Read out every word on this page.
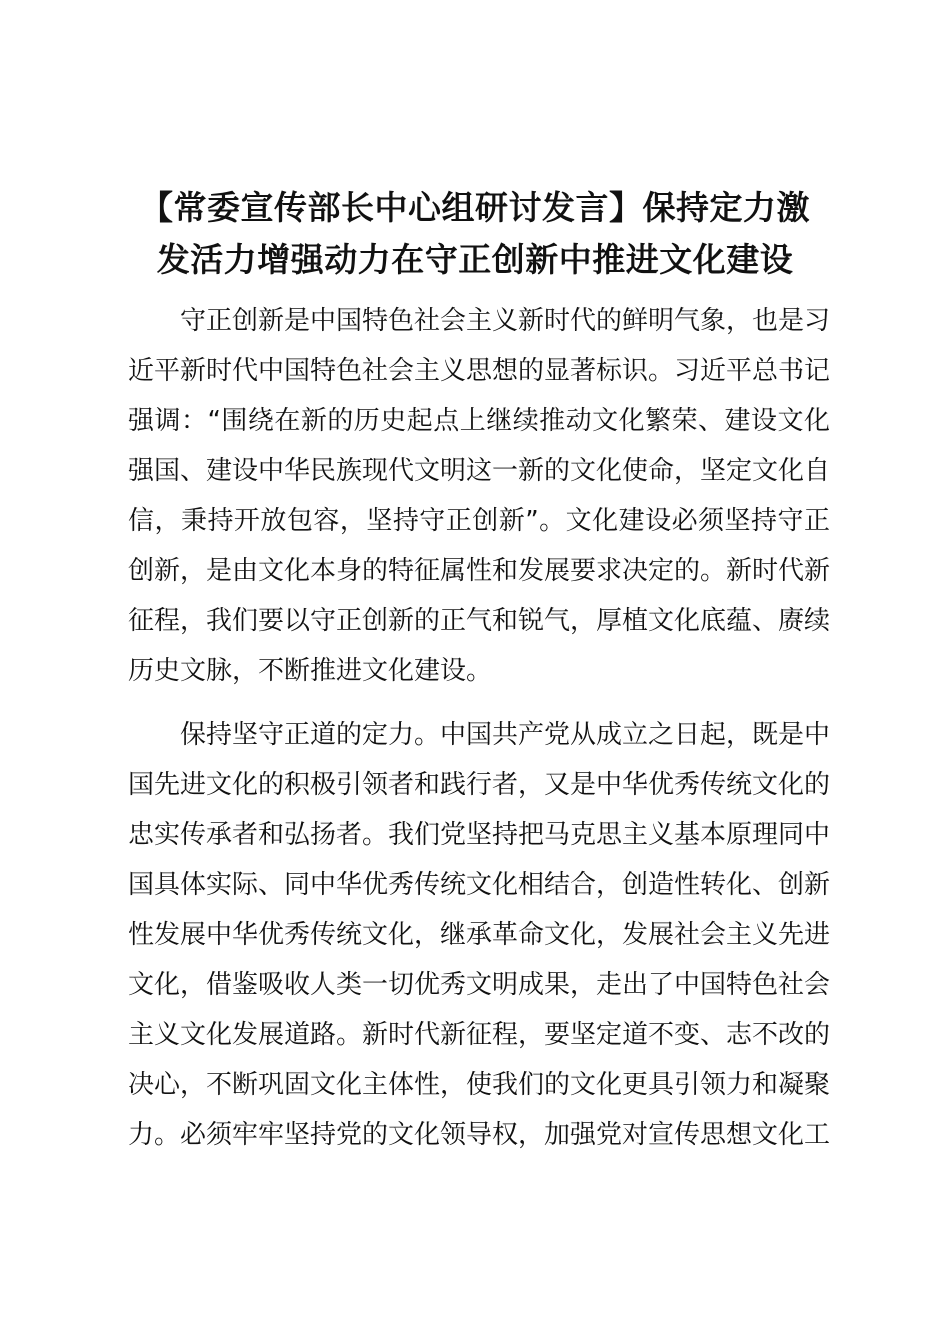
【常委宣传部长中心组研讨发言】保持定力激
发活力增强动力在守正创新中推进文化建设
守正创新是中国特色社会主义新时代的鲜明气象，也是习
近平新时代中国特色社会主义思想的显著标识。习近平总书记
强调：“围绕在新的历史起点上继续推动文化繁荣、建设文化
强国、建设中华民族现代文明这一新的文化使命，坚定文化自
信，秉持开放包容，坚持守正创新”。文化建设必须坚持守正
创新，是由文化本身的特征属性和发展要求决定的。新时代新
征程，我们要以守正创新的正气和锐气，厚植文化底蕴、赓续
历史文脉，不断推进文化建设。
保持坚守正道的定力。中国共产党从成立之日起，既是中
国先进文化的积极引领者和践行者，又是中华优秀传统文化的
忠实传承者和弘扬者。我们党坚持把马克思主义基本原理同中
国具体实际、同中华优秀传统文化相结合，创造性转化、创新
性发展中华优秀传统文化，继承革命文化，发展社会主义先进
文化，借鉴吸收人类一切优秀文明成果，走出了中国特色社会
主义文化发展道路。新时代新征程，要坚定道不变、志不改的
决心，不断巩固文化主体性，使我们的文化更具引领力和凝聚
力。必须牢牢坚持党的文化领导权，加强党对宣传思想文化工
